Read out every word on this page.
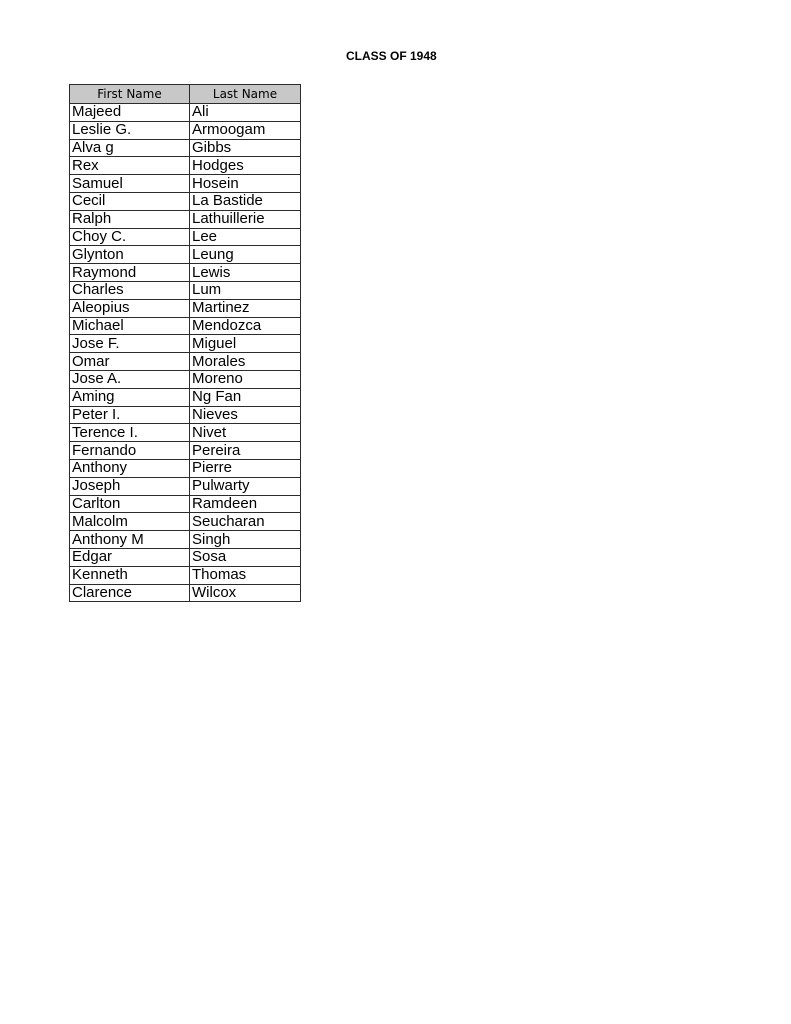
CLASS OF 1948
First Name	Last Name
Majeed	Ali
Leslie G.	Armoogam
Alva g	Gibbs
Rex	Hodges
Samuel	Hosein
Cecil	La Bastide
Ralph	Lathuillerie
Choy C.	Lee
Glynton	Leung
Raymond	Lewis
Charles	Lum
Aleopius	Martinez
Michael	Mendozca
Jose F.	Miguel
Omar	Morales
Jose A.	Moreno
Aming	Ng Fan
Peter I.	Nieves
Terence I.	Nivet
Fernando	Pereira
Anthony	Pierre
Joseph	Pulwarty
Carlton	Ramdeen
Malcolm	Seucharan
Anthony M	Singh
Edgar	Sosa
Kenneth	Thomas
Clarence	Wilcox
